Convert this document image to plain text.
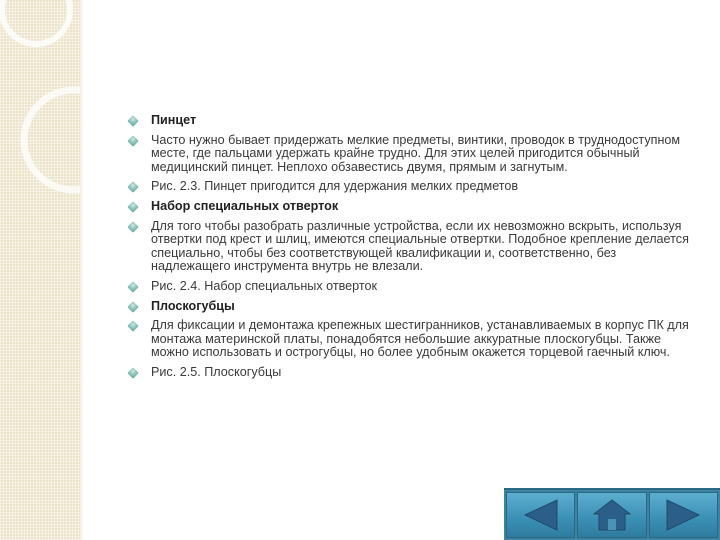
Пинцет
Часто нужно бывает придержать мелкие предметы, винтики, проводок в труднодоступном месте, где пальцами удержать крайне трудно. Для этих целей пригодится обычный медицинский пинцет. Неплохо обзавестись двумя, прямым и загнутым.
Рис. 2.3. Пинцет пригодится для удержания мелких предметов
Набор специальных отверток
Для того чтобы разобрать различные устройства, если их невозможно вскрыть, используя отвертки под крест и шлиц, имеются специальные отвертки. Подобное крепление делается специально, чтобы без соответствующей квалификации и, соответственно, без надлежащего инструмента внутрь не влезали.
Рис. 2.4. Набор специальных отверток
Плоскогубцы
Для фиксации и демонтажа крепежных шестигранников, устанавливаемых в корпус ПК для монтажа материнской платы, понадобятся небольшие аккуратные плоскогубцы. Также можно использовать и острогубцы, но более удобным окажется торцевой гаечный ключ.
Рис. 2.5. Плоскогубцы
